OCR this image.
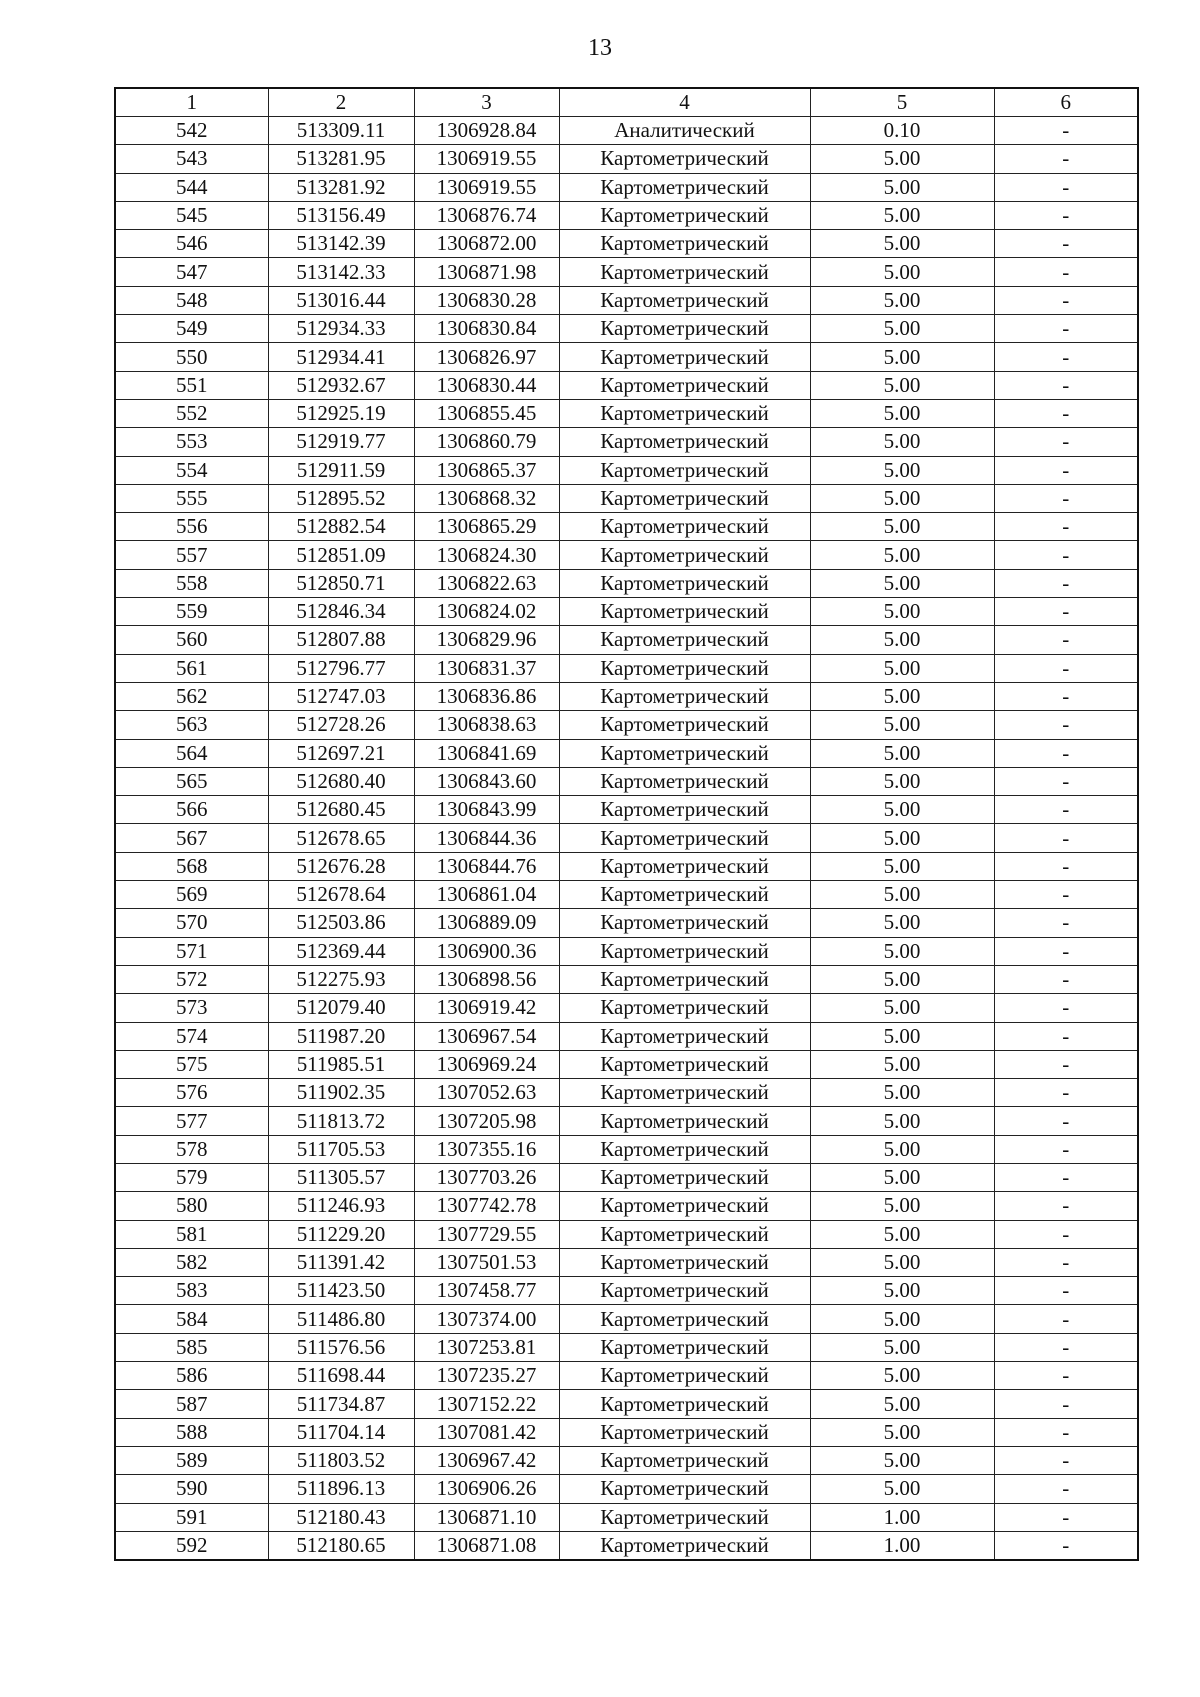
13
1	2	3	4	5	6
542	513309.11	1306928.84	Аналитический	0.10	-
543	513281.95	1306919.55	Картометрический	5.00	-
544	513281.92	1306919.55	Картометрический	5.00	-
545	513156.49	1306876.74	Картометрический	5.00	-
546	513142.39	1306872.00	Картометрический	5.00	-
547	513142.33	1306871.98	Картометрический	5.00	-
548	513016.44	1306830.28	Картометрический	5.00	-
549	512934.33	1306830.84	Картометрический	5.00	-
550	512934.41	1306826.97	Картометрический	5.00	-
551	512932.67	1306830.44	Картометрический	5.00	-
552	512925.19	1306855.45	Картометрический	5.00	-
553	512919.77	1306860.79	Картометрический	5.00	-
554	512911.59	1306865.37	Картометрический	5.00	-
555	512895.52	1306868.32	Картометрический	5.00	-
556	512882.54	1306865.29	Картометрический	5.00	-
557	512851.09	1306824.30	Картометрический	5.00	-
558	512850.71	1306822.63	Картометрический	5.00	-
559	512846.34	1306824.02	Картометрический	5.00	-
560	512807.88	1306829.96	Картометрический	5.00	-
561	512796.77	1306831.37	Картометрический	5.00	-
562	512747.03	1306836.86	Картометрический	5.00	-
563	512728.26	1306838.63	Картометрический	5.00	-
564	512697.21	1306841.69	Картометрический	5.00	-
565	512680.40	1306843.60	Картометрический	5.00	-
566	512680.45	1306843.99	Картометрический	5.00	-
567	512678.65	1306844.36	Картометрический	5.00	-
568	512676.28	1306844.76	Картометрический	5.00	-
569	512678.64	1306861.04	Картометрический	5.00	-
570	512503.86	1306889.09	Картометрический	5.00	-
571	512369.44	1306900.36	Картометрический	5.00	-
572	512275.93	1306898.56	Картометрический	5.00	-
573	512079.40	1306919.42	Картометрический	5.00	-
574	511987.20	1306967.54	Картометрический	5.00	-
575	511985.51	1306969.24	Картометрический	5.00	-
576	511902.35	1307052.63	Картометрический	5.00	-
577	511813.72	1307205.98	Картометрический	5.00	-
578	511705.53	1307355.16	Картометрический	5.00	-
579	511305.57	1307703.26	Картометрический	5.00	-
580	511246.93	1307742.78	Картометрический	5.00	-
581	511229.20	1307729.55	Картометрический	5.00	-
582	511391.42	1307501.53	Картометрический	5.00	-
583	511423.50	1307458.77	Картометрический	5.00	-
584	511486.80	1307374.00	Картометрический	5.00	-
585	511576.56	1307253.81	Картометрический	5.00	-
586	511698.44	1307235.27	Картометрический	5.00	-
587	511734.87	1307152.22	Картометрический	5.00	-
588	511704.14	1307081.42	Картометрический	5.00	-
589	511803.52	1306967.42	Картометрический	5.00	-
590	511896.13	1306906.26	Картометрический	5.00	-
591	512180.43	1306871.10	Картометрический	1.00	-
592	512180.65	1306871.08	Картометрический	1.00	-
